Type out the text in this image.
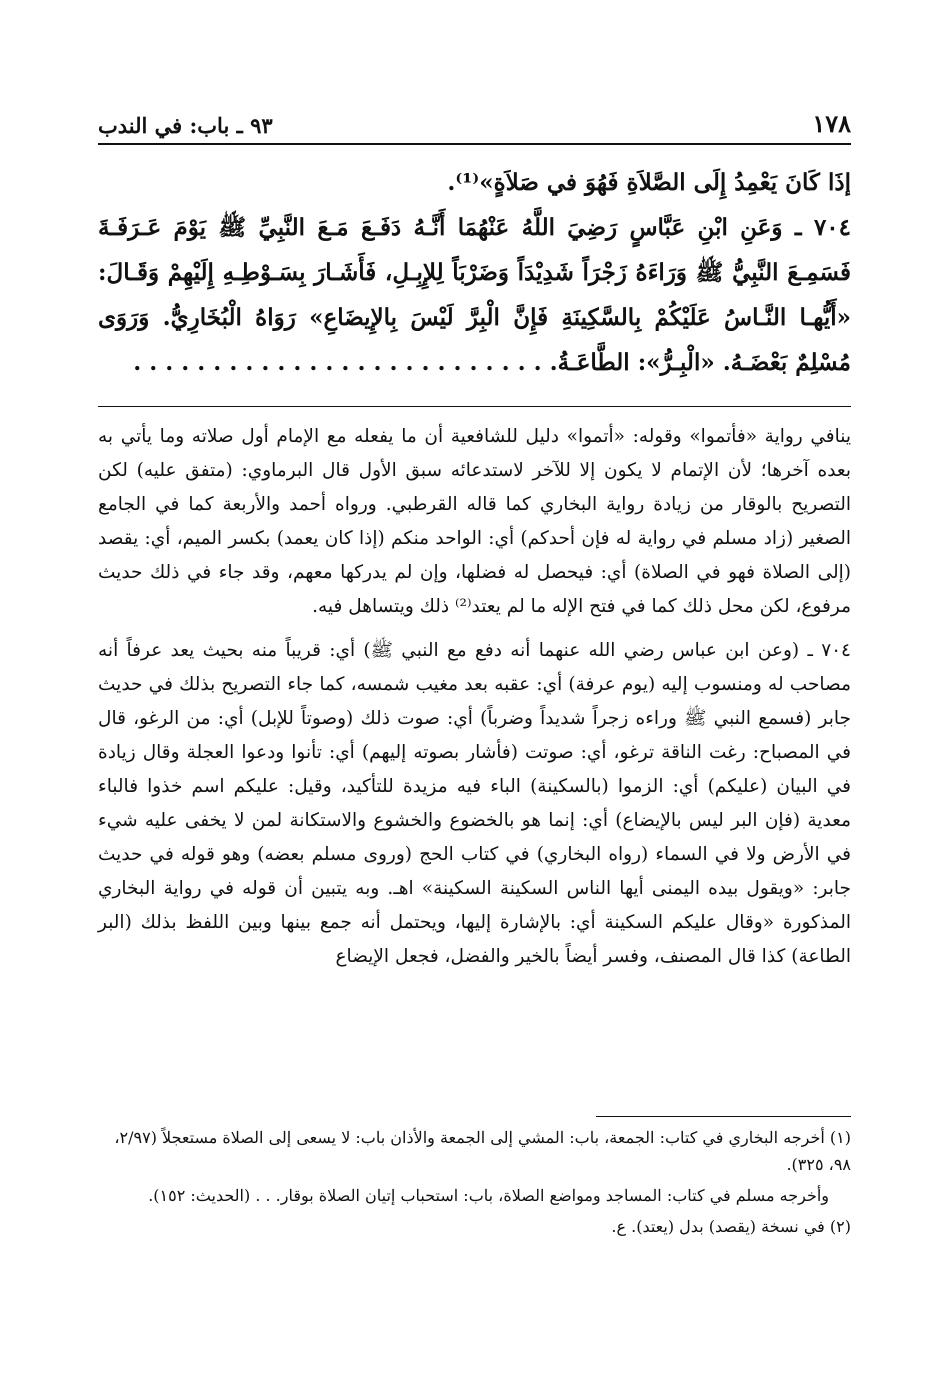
٩٣ ـ باب: في الندب	١٧٨

إذَا كَانَ يَعْمِدُ إِلَى الصَّلاَةِ فَهُوَ في صَلاَةٍ»⁽¹⁾.

٧٠٤ ـ وَعَنِ ابْنِ عَبَّاسٍ رَضِيَ اللَّهُ عَنْهُمَا أَنَّـهُ دَفَـعَ مَـعَ النَّبِيِّ ﷺ يَوْمَ عَـرَفَـةَ فَسَمِـعَ النَّبِيُّ ﷺ وَرَاءَهُ زَجْرَاً شَدِيْدَاً وَضَرْبَاً لِلإِبِـلِ، فَأَشَـارَ بِسَـوْطِـهِ إِلَيْهِمْ وَقَـالَ: «أَيُّهـا النَّـاسُ عَلَيْكُمْ بِالسَّكِينَةِ فَإِنَّ الْبِرَّ لَيْسَ بِالإِيضَاعِ» رَوَاهُ الْبُخَارِيُّ. وَرَوَى مُسْلِمٌ بَعْضَـهُ. «الْبِـرُّ»: الطَّاعَـةُ. . . . . . . . . . . . . . . . . . . . . . . . . . .

ينافي رواية «فأتموا» وقوله: «أتموا» دليل للشافعية أن ما يفعله مع الإمام أول صلاته وما يأتي به بعده آخرها؛ لأن الإتمام لا يكون إلا للآخر لاستدعائه سبق الأول قال البرماوي: (متفق عليه) لكن التصريح بالوقار من زيادة رواية البخاري كما قاله القرطبي. ورواه أحمد والأربعة كما في الجامع الصغير (زاد مسلم في رواية له فإن أحدكم) أي: الواحد منكم (إذا كان يعمد) بكسر الميم، أي: يقصد (إلى الصلاة فهو في الصلاة) أي: فيحصل له فضلها، وإن لم يدركها معهم، وقد جاء في ذلك حديث مرفوع، لكن محل ذلك كما في فتح الإله ما لم يعتد⁽²⁾ ذلك ويتساهل فيه.

٧٠٤ ـ (وعن ابن عباس رضي الله عنهما أنه دفع مع النبي ﷺ) أي: قريباً منه بحيث يعد عرفاً أنه مصاحب له ومنسوب إليه (يوم عرفة) أي: عقبه بعد مغيب شمسه، كما جاء التصريح بذلك في حديث جابر (فسمع النبي ﷺ وراءه زجراً شديداً وضرباً) أي: صوت ذلك (وصوتاً للإبل) أي: من الرغو، قال في المصباح: رغت الناقة ترغو، أي: صوتت (فأشار بصوته إليهم) أي: تأنوا ودعوا العجلة وقال زيادة في البيان (عليكم) أي: الزموا (بالسكينة) الباء فيه مزيدة للتأكيد، وقيل: عليكم اسم خذوا فالباء معدية (فإن البر ليس بالإيضاع) أي: إنما هو بالخضوع والخشوع والاستكانة لمن لا يخفى عليه شيء في الأرض ولا في السماء (رواه البخاري) في كتاب الحج (وروى مسلم بعضه) وهو قوله في حديث جابر: «ويقول بيده اليمنى أيها الناس السكينة السكينة» اهـ. وبه يتبين أن قوله في رواية البخاري المذكورة «وقال عليكم السكينة أي: بالإشارة إليها، ويحتمل أنه جمع بينها وبين اللفظ بذلك (البر الطاعة) كذا قال المصنف، وفسر أيضاً بالخير والفضل، فجعل الإيضاع

(١) أخرجه البخاري في كتاب: الجمعة، باب: المشي إلى الجمعة والأذان باب: لا يسعى إلى الصلاة مستعجلاً (٢/٩٧، ٩٨، ٣٢٥).

وأخرجه مسلم في كتاب: المساجد ومواضع الصلاة، باب: استحباب إتيان الصلاة بوقار. . . (الحديث: ١٥٢).

(٢) في نسخة (يقصد) بدل (يعتد). ع.
